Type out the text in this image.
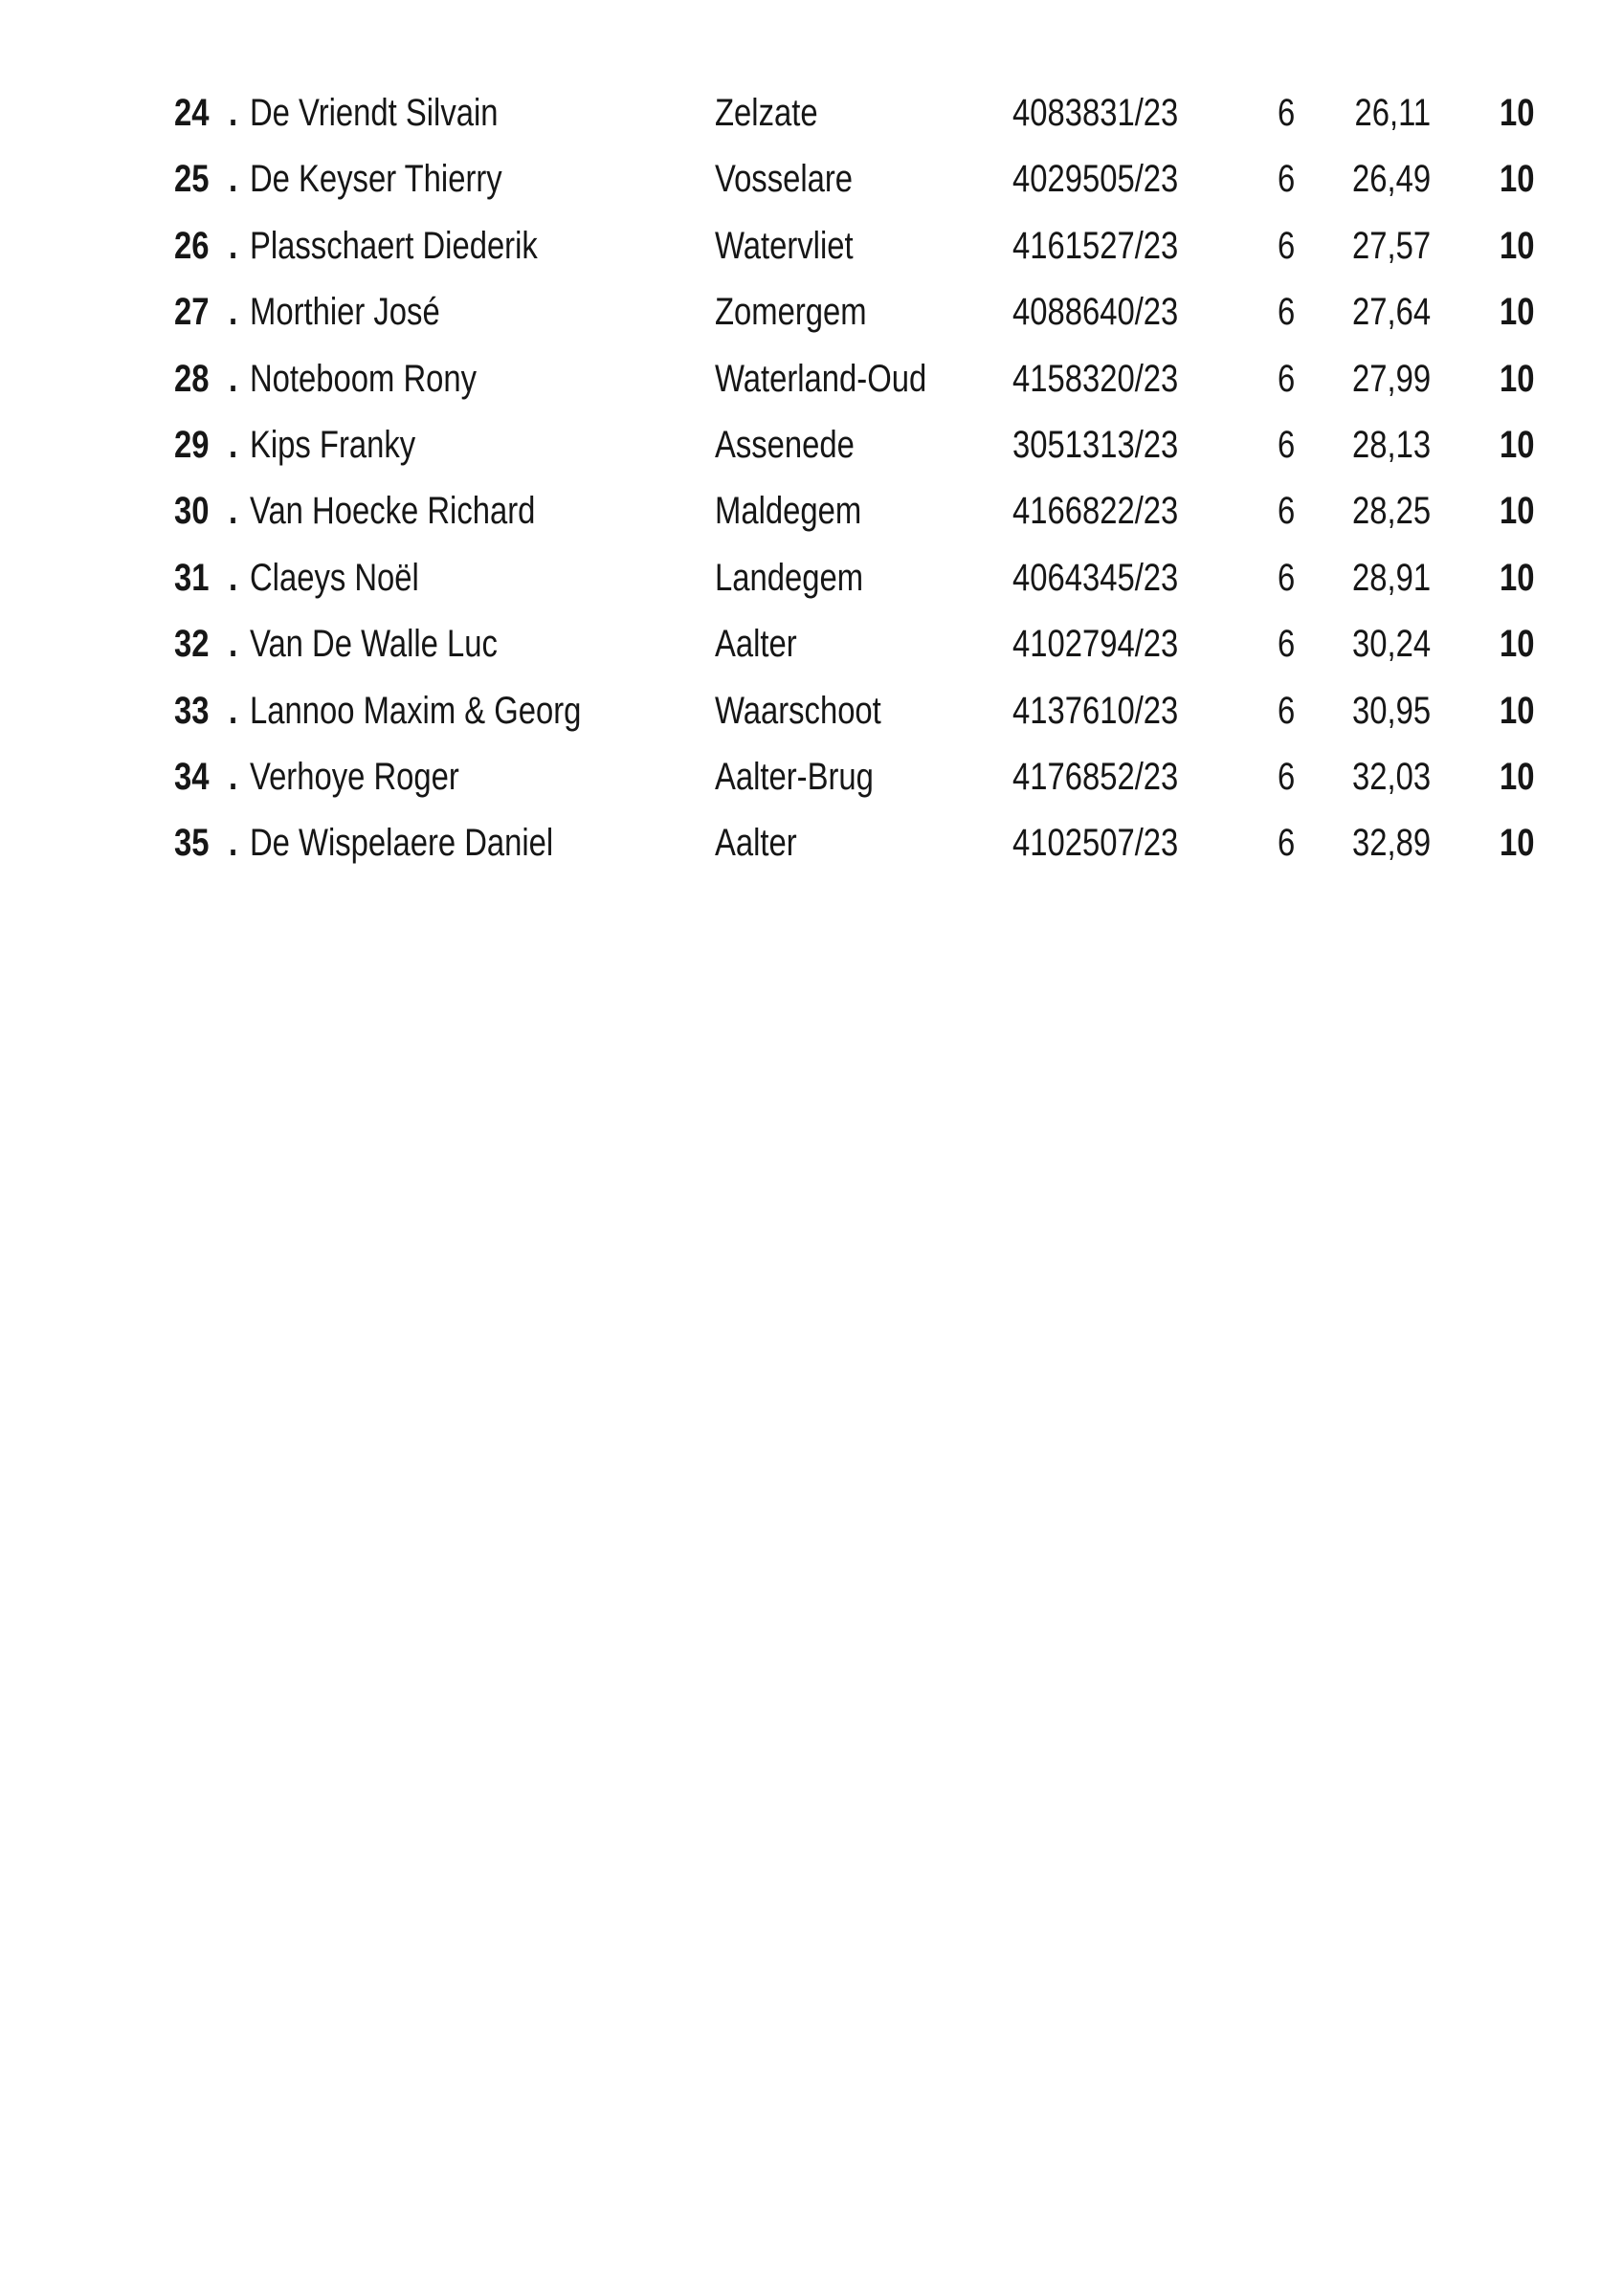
24 . De Vriendt Silvain	Zelzate	4083831/23	6	26,11 10
25 . De Keyser Thierry	Vosselare	4029505/23	6	26,49 10
26 . Plasschaert Diederik	Watervliet	4161527/23	6	27,57 10
27 . Morthier José	Zomergem	4088640/23	6	27,64 10
28 . Noteboom Rony	Waterland-Oud	4158320/23	6	27,99 10
29 . Kips Franky	Assenede	3051313/23	6	28,13 10
30 . Van Hoecke Richard	Maldegem	4166822/23	6	28,25 10
31 . Claeys Noël	Landegem	4064345/23	6	28,91 10
32 . Van De Walle Luc	Aalter	4102794/23	6	30,24 10
33 . Lannoo Maxim & Georg	Waarschoot	4137610/23	6	30,95 10
34 . Verhoye Roger	Aalter-Brug	4176852/23	6	32,03 10
35 . De Wispelaere Daniel	Aalter	4102507/23	6	32,89 10
